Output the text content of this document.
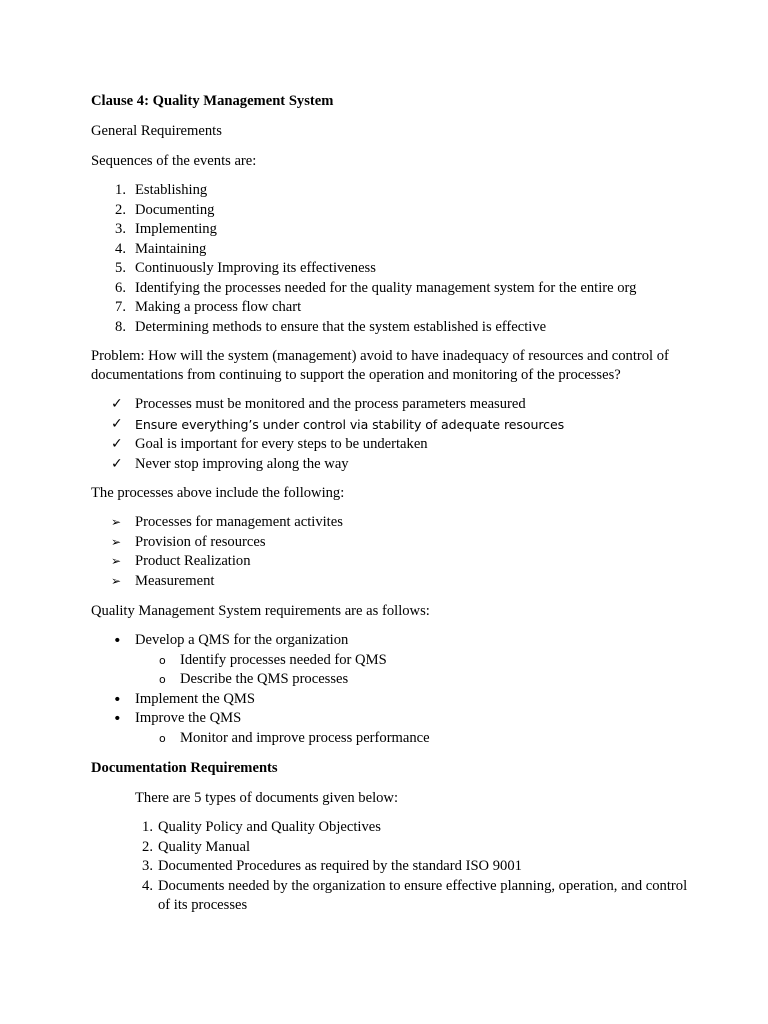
Clause 4: Quality Management System

General Requirements

Sequences of the events are:

1. Establishing
2. Documenting
3. Implementing
4. Maintaining
5. Continuously Improving its effectiveness
6. Identifying the processes needed for the quality management system for the entire org
7. Making a process flow chart
8. Determining methods to ensure that the system established is effective

Problem: How will the system (management) avoid to have inadequacy of resources and control of documentations from continuing to support the operation and monitoring of the processes?

✓ Processes must be monitored and the process parameters measured
✓ Ensure everything’s under control via stability of adequate resources
✓ Goal is important for every steps to be undertaken
✓ Never stop improving along the way

The processes above include the following:

➢ Processes for management activites
➢ Provision of resources
➢ Product Realization
➢ Measurement

Quality Management System requirements are as follows:

• Develop a QMS for the organization
o Identify processes needed for QMS
o Describe the QMS processes
• Implement the QMS
• Improve the QMS
o Monitor and improve process performance

Documentation Requirements

There are 5 types of documents given below:

1. Quality Policy and Quality Objectives
2. Quality Manual
3. Documented Procedures as required by the standard ISO 9001
4. Documents needed by the organization to ensure effective planning, operation, and control of its processes
